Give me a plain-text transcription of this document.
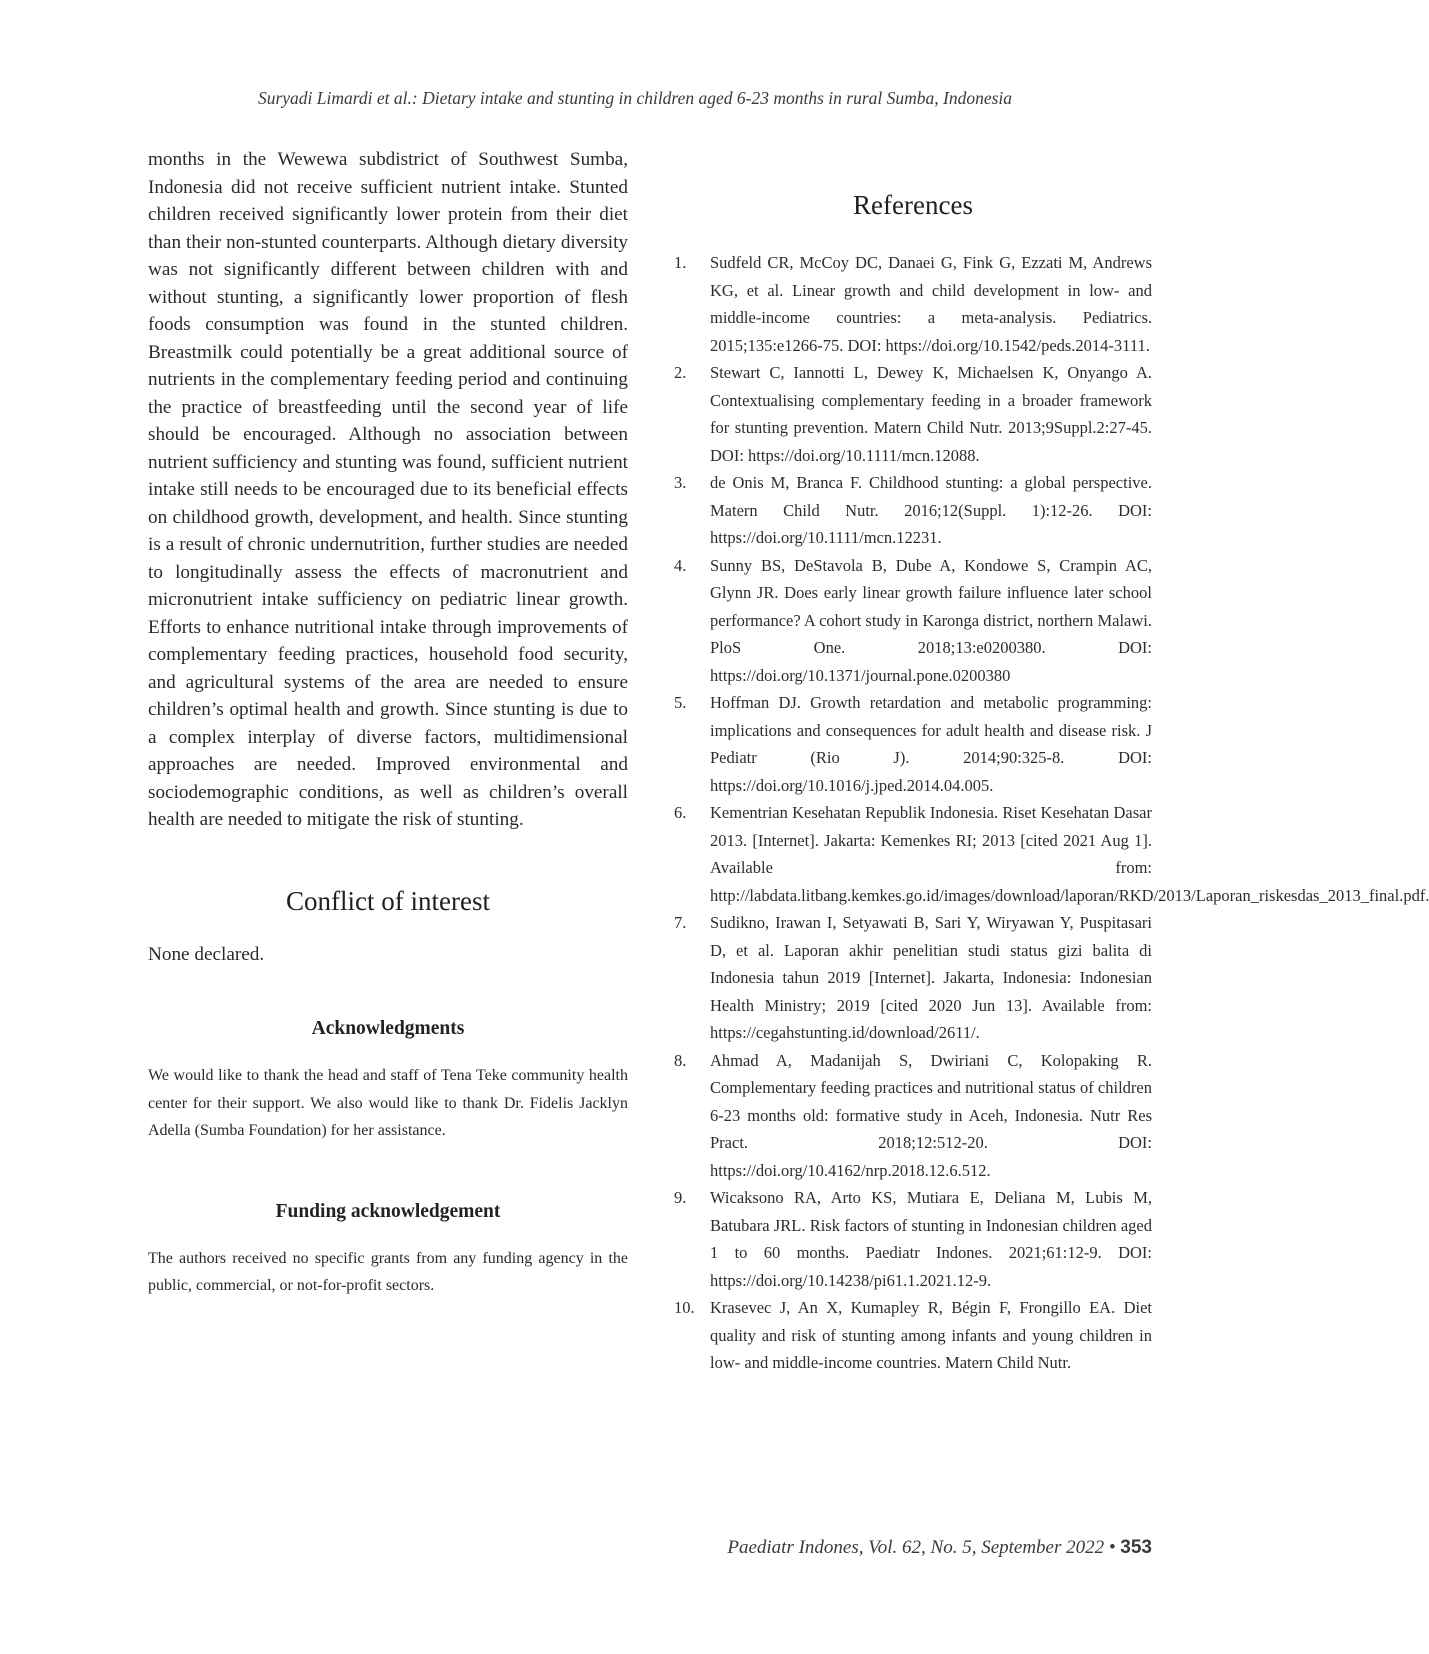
Suryadi Limardi et al.: Dietary intake and stunting in children aged 6-23 months in rural Sumba, Indonesia

months in the Wewewa subdistrict of Southwest Sumba, Indonesia did not receive sufficient nutrient intake. Stunted children received significantly lower protein from their diet than their non-stunted counterparts. Although dietary diversity was not significantly different between children with and without stunting, a significantly lower proportion of flesh foods consumption was found in the stunted children. Breastmilk could potentially be a great additional source of nutrients in the complementary feeding period and continuing the practice of breastfeeding until the second year of life should be encouraged. Although no association between nutrient sufficiency and stunting was found, sufficient nutrient intake still needs to be encouraged due to its beneficial effects on childhood growth, development, and health. Since stunting is a result of chronic undernutrition, further studies are needed to longitudinally assess the effects of macronutrient and micronutrient intake sufficiency on pediatric linear growth. Efforts to enhance nutritional intake through improvements of complementary feeding practices, household food security, and agricultural systems of the area are needed to ensure children’s optimal health and growth. Since stunting is due to a complex interplay of diverse factors, multidimensional approaches are needed. Improved environmental and sociodemographic conditions, as well as children’s overall health are needed to mitigate the risk of stunting.

Conflict of interest

None declared.

Acknowledgments

We would like to thank the head and staff of Tena Teke community health center for their support. We also would like to thank Dr. Fidelis Jacklyn Adella (Sumba Foundation) for her assistance.

Funding acknowledgement

The authors received no specific grants from any funding agency in the public, commercial, or not-for-profit sectors.

References
1. Sudfeld CR, McCoy DC, Danaei G, Fink G, Ezzati M, Andrews KG, et al. Linear growth and child development in low- and middle-income countries: a meta-analysis. Pediatrics. 2015;135:e1266-75. DOI: https://doi.org/10.1542/peds.2014-3111.
2. Stewart C, Iannotti L, Dewey K, Michaelsen K, Onyango A. Contextualising complementary feeding in a broader framework for stunting prevention. Matern Child Nutr. 2013;9Suppl.2:27-45. DOI: https://doi.org/10.1111/mcn.12088.
3. de Onis M, Branca F. Childhood stunting: a global perspective. Matern Child Nutr. 2016;12(Suppl. 1):12-26. DOI: https://doi.org/10.1111/mcn.12231.
4. Sunny BS, DeStavola B, Dube A, Kondowe S, Crampin AC, Glynn JR. Does early linear growth failure influence later school performance? A cohort study in Karonga district, northern Malawi. PloS One. 2018;13:e0200380. DOI: https://doi.org/10.1371/journal.pone.0200380
5. Hoffman DJ. Growth retardation and metabolic programming: implications and consequences for adult health and disease risk. J Pediatr (Rio J). 2014;90:325-8. DOI: https://doi.org/10.1016/j.jped.2014.04.005.
6. Kementrian Kesehatan Republik Indonesia. Riset Kesehatan Dasar 2013. [Internet]. Jakarta: Kemenkes RI; 2013 [cited 2021 Aug 1]. Available from: http://labdata.litbang.kemkes.go.id/images/download/laporan/RKD/2013/Laporan_riskesdas_2013_final.pdf.
7. Sudikno, Irawan I, Setyawati B, Sari Y, Wiryawan Y, Puspitasari D, et al. Laporan akhir penelitian studi status gizi balita di Indonesia tahun 2019 [Internet]. Jakarta, Indonesia: Indonesian Health Ministry; 2019 [cited 2020 Jun 13]. Available from: https://cegahstunting.id/download/2611/.
8. Ahmad A, Madanijah S, Dwiriani C, Kolopaking R. Complementary feeding practices and nutritional status of children 6-23 months old: formative study in Aceh, Indonesia. Nutr Res Pract. 2018;12:512-20. DOI: https://doi.org/10.4162/nrp.2018.12.6.512.
9. Wicaksono RA, Arto KS, Mutiara E, Deliana M, Lubis M, Batubara JRL. Risk factors of stunting in Indonesian children aged 1 to 60 months. Paediatr Indones. 2021;61:12-9. DOI: https://doi.org/10.14238/pi61.1.2021.12-9.
10. Krasevec J, An X, Kumapley R, Bégin F, Frongillo EA. Diet quality and risk of stunting among infants and young children in low- and middle-income countries. Matern Child Nutr.
Paediatr Indones, Vol. 62, No. 5, September 2022 • 353
